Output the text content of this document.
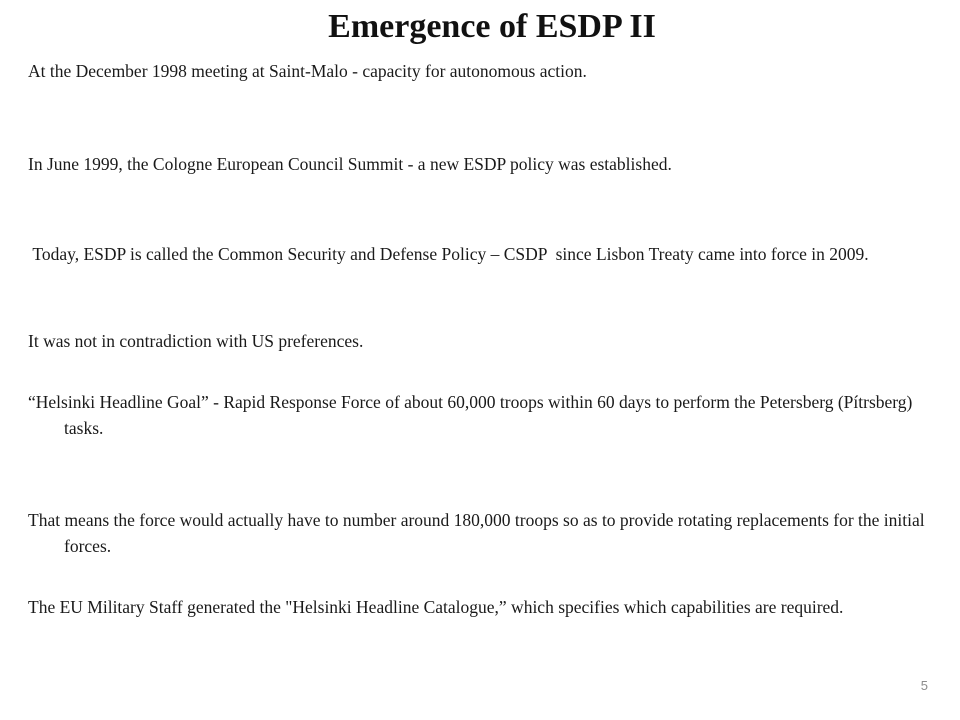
Emergence of ESDP II

At the December 1998 meeting at Saint-Malo - capacity for autonomous action.

In June 1999, the Cologne European Council Summit - a new ESDP policy was established.

Today, ESDP is called the Common Security and Defense Policy – CSDP  since Lisbon Treaty came into force in 2009.

It was not in contradiction with US preferences.

“Helsinki Headline Goal” - Rapid Response Force of about 60,000 troops within 60 days to perform the Petersberg (Pítrsberg) tasks.

That means the force would actually have to number around 180,000 troops so as to provide rotating replacements for the initial forces.

The EU Military Staff generated the "Helsinki Headline Catalogue,” which specifies which capabilities are required.

5
